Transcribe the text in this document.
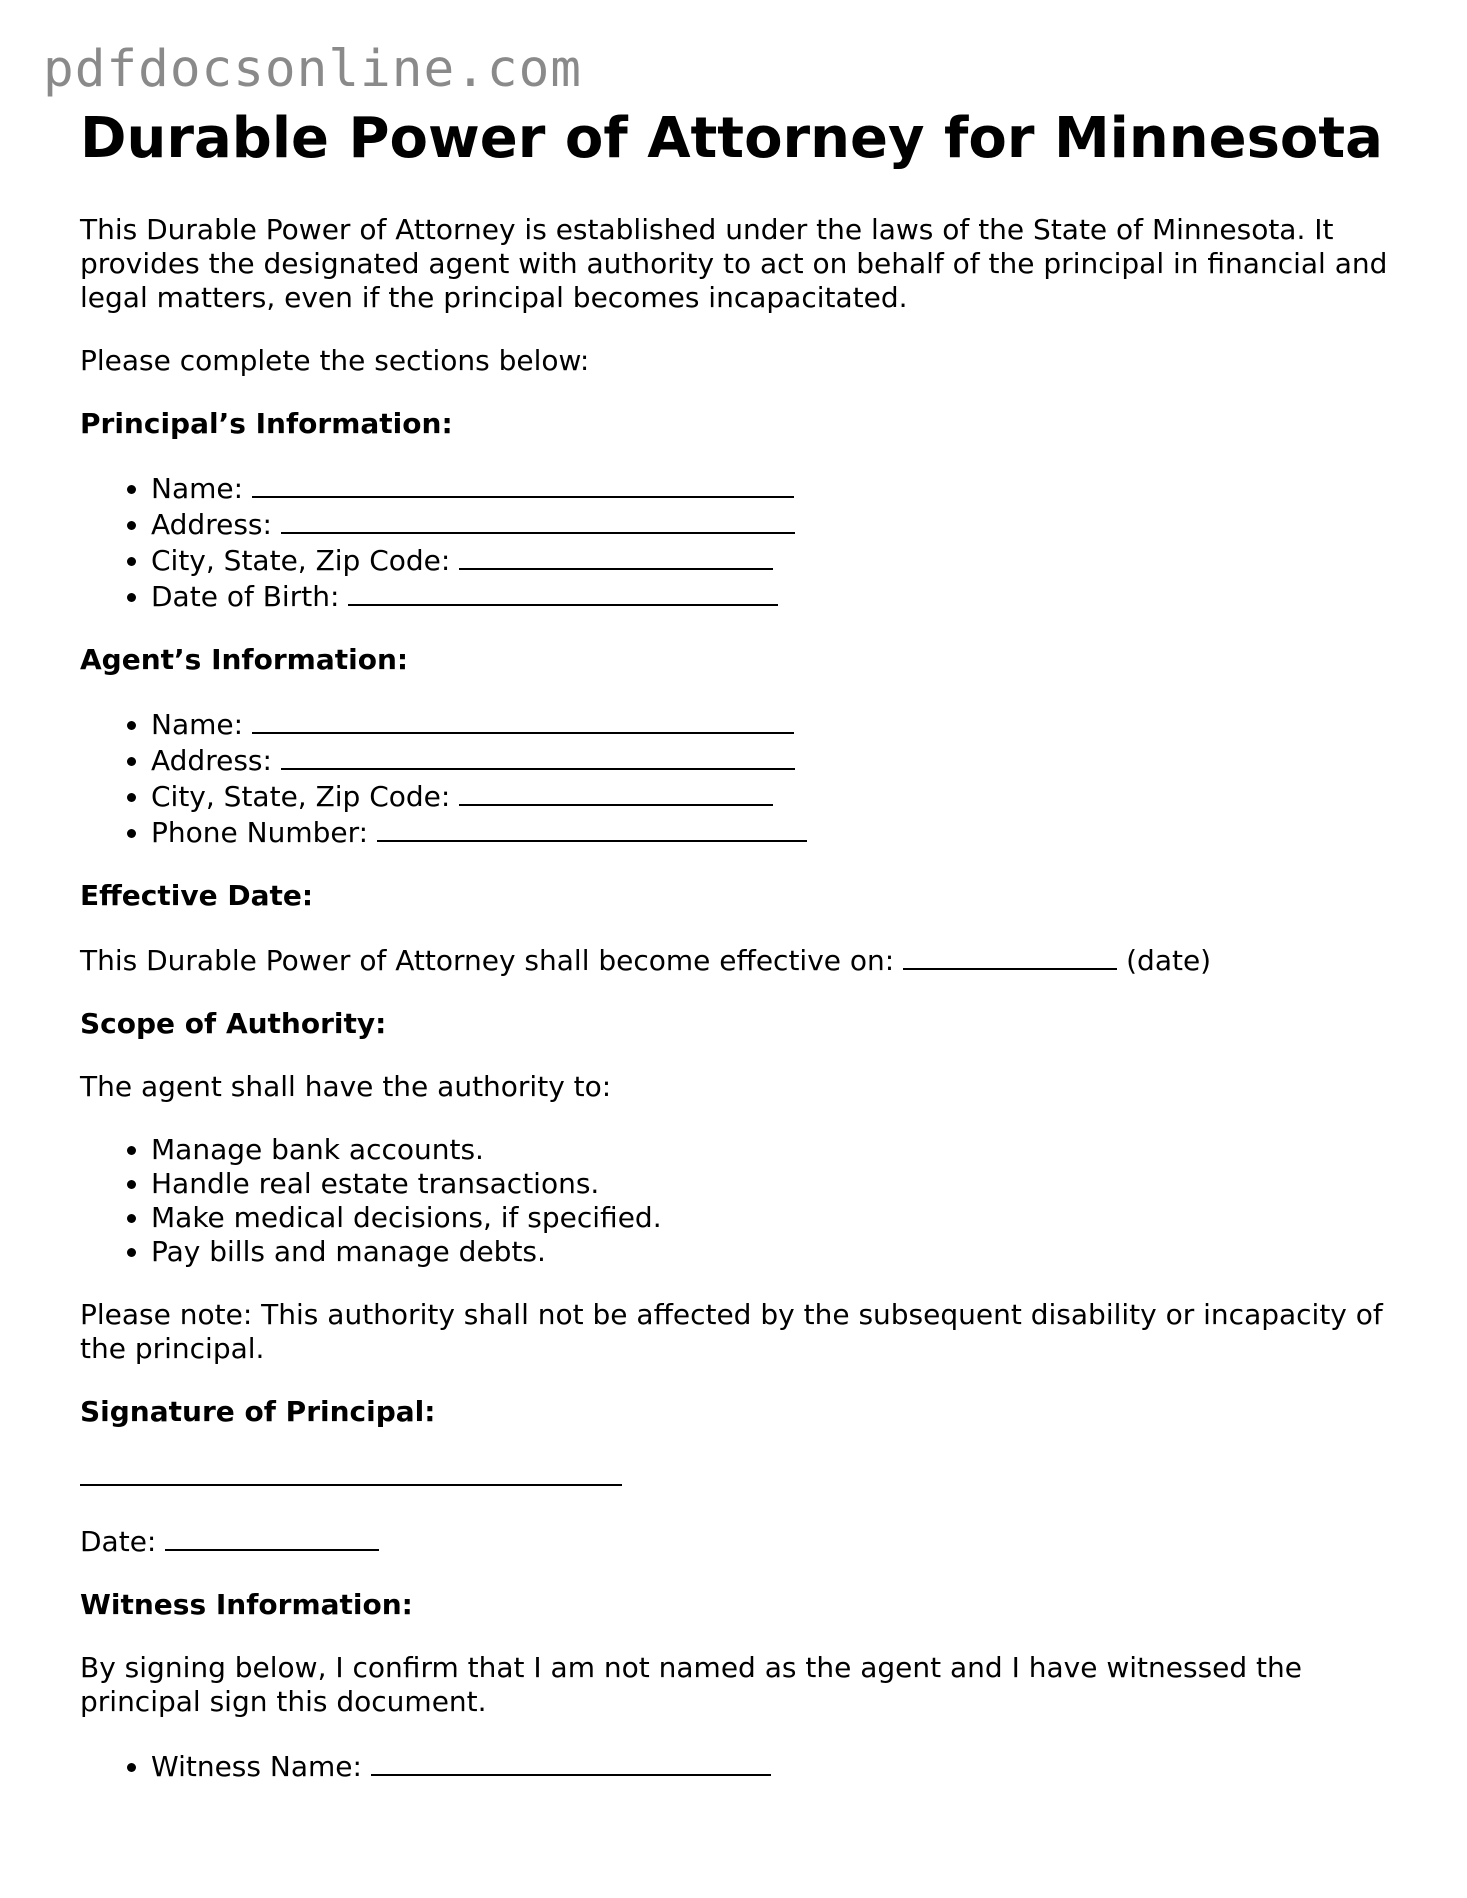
pdfdocsonline.com
Durable Power of Attorney for Minnesota

This Durable Power of Attorney is established under the laws of the State of Minnesota. It provides the designated agent with authority to act on behalf of the principal in financial and legal matters, even if the principal becomes incapacitated.

Please complete the sections below:

Principal’s Information:

• Name:
• Address:
• City, State, Zip Code:
• Date of Birth:

Agent’s Information:

• Name:
• Address:
• City, State, Zip Code:
• Phone Number:

Effective Date:

This Durable Power of Attorney shall become effective on:	(date)

Scope of Authority:

The agent shall have the authority to:

• Manage bank accounts.
• Handle real estate transactions.
• Make medical decisions, if specified.
• Pay bills and manage debts.

Please note: This authority shall not be affected by the subsequent disability or incapacity of the principal.

Signature of Principal:

Date:

Witness Information:

By signing below, I confirm that I am not named as the agent and I have witnessed the principal sign this document.

• Witness Name:
